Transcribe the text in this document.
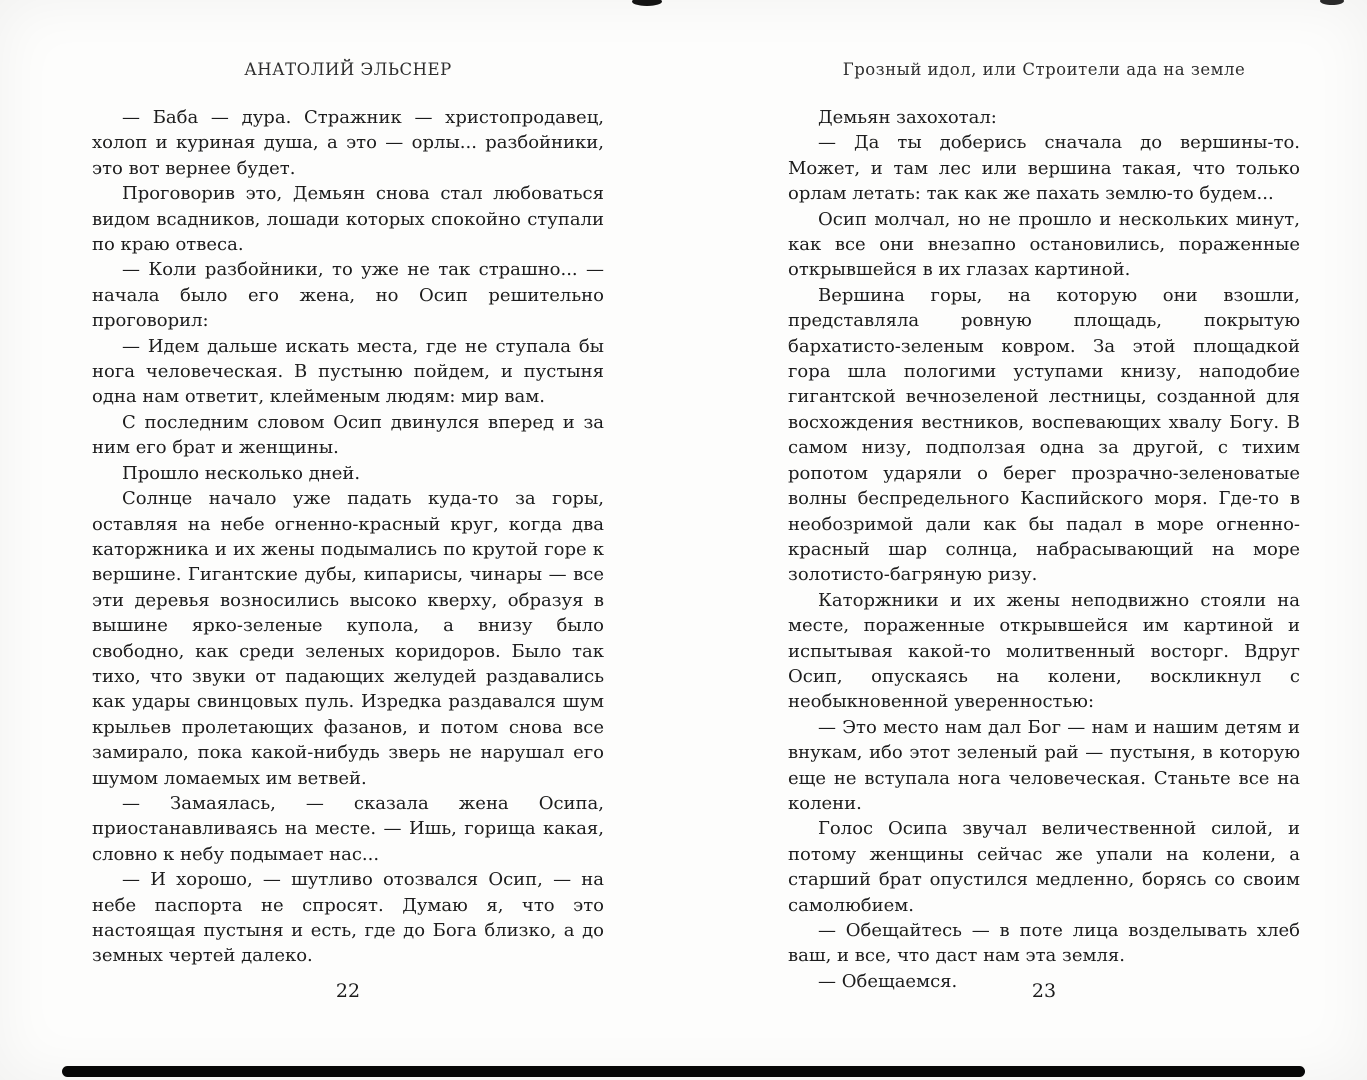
АНАТОЛИЙ ЭЛЬСНЕР

— Баба — дура. Стражник — христопродавец, холоп и куриная душа, а это — орлы... разбойники, это вот вернее будет.

Проговорив это, Демьян снова стал любоваться видом всадников, лошади которых спокойно ступали по краю отвеса.

— Коли разбойники, то уже не так страшно... — начала было его жена, но Осип решительно проговорил:

— Идем дальше искать места, где не ступала бы нога человеческая. В пустыню пойдем, и пустыня одна нам ответит, клейменым людям: мир вам.

С последним словом Осип двинулся вперед и за ним его брат и женщины.

Прошло несколько дней.

Солнце начало уже падать куда-то за горы, оставляя на небе огненно-красный круг, когда два каторжника и их жены подымались по крутой горе к вершине. Гигантские дубы, кипарисы, чинары — все эти деревья возносились высоко кверху, образуя в вышине ярко-зеленые купола, а внизу было свободно, как среди зеленых коридоров. Было так тихо, что звуки от падающих желудей раздавались как удары свинцовых пуль. Изредка раздавался шум крыльев пролетающих фазанов, и потом снова все замирало, пока какой-нибудь зверь не нарушал его шумом ломаемых им ветвей.

— Замаялась, — сказала жена Осипа, приостанавливаясь на месте. — Ишь, горища какая, словно к небу подымает нас...

— И хорошо, — шутливо отозвался Осип, — на небе паспорта не спросят. Думаю я, что это настоящая пустыня и есть, где до Бога близко, а до земных чертей далеко.

Грозный идол, или Строители ада на земле

Демьян захохотал:

— Да ты доберись сначала до вершины-то. Может, и там лес или вершина такая, что только орлам летать: так как же пахать землю-то будем...

Осип молчал, но не прошло и нескольких минут, как все они внезапно остановились, пораженные открывшейся в их глазах картиной.

Вершина горы, на которую они взошли, представляла ровную площадь, покрытую бархатисто-зеленым ковром. За этой площадкой гора шла пологими уступами книзу, наподобие гигантской вечнозеленой лестницы, созданной для восхождения вестников, воспевающих хвалу Богу. В самом низу, подползая одна за другой, с тихим ропотом ударяли о берег прозрачно-зеленоватые волны беспредельного Каспийского моря. Где-то в необозримой дали как бы падал в море огненно-красный шар солнца, набрасывающий на море золотисто-багряную ризу.

Каторжники и их жены неподвижно стояли на месте, пораженные открывшейся им картиной и испытывая какой-то молитвенный восторг. Вдруг Осип, опускаясь на колени, воскликнул с необыкновенной уверенностью:

— Это место нам дал Бог — нам и нашим детям и внукам, ибо этот зеленый рай — пустыня, в которую еще не вступала нога человеческая. Станьте все на колени.

Голос Осипа звучал величественной силой, и потому женщины сейчас же упали на колени, а старший брат опустился медленно, борясь со своим самолюбием.

— Обещайтесь — в поте лица возделывать хлеб ваш, и все, что даст нам эта земля.

— Обещаемся.

22	23
